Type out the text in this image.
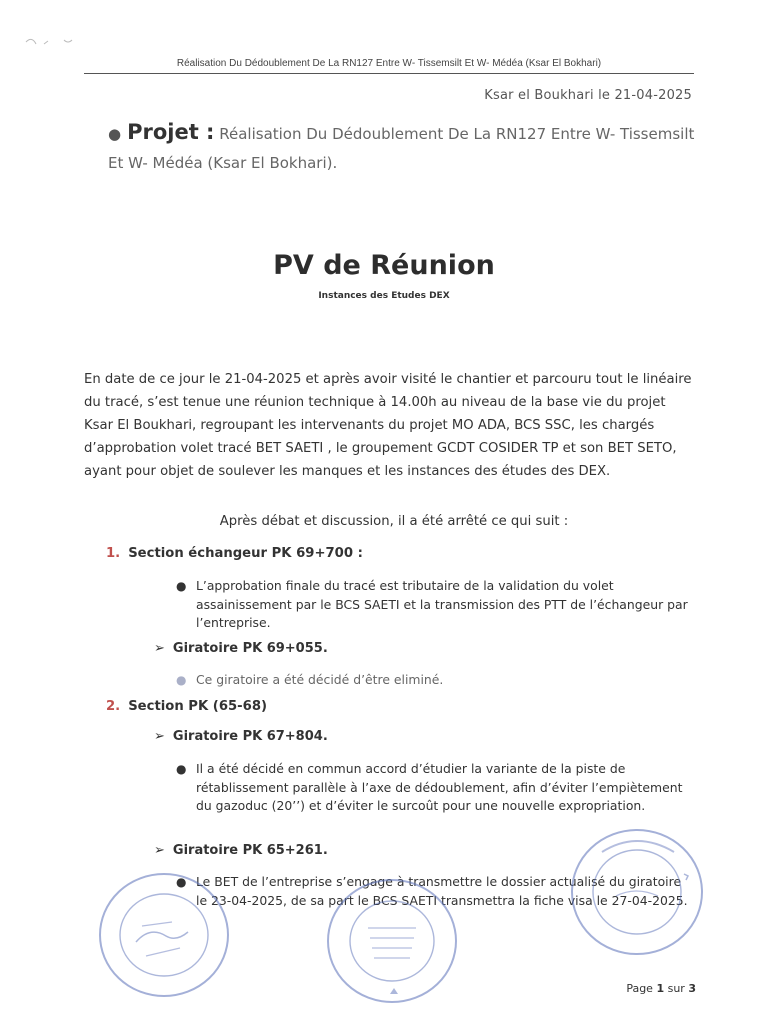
Réalisation Du Dédoublement De La RN127 Entre W- Tissemsilt Et W- Médéa (Ksar El Bokhari)
Ksar el Boukhari le 21-04-2025
● Projet : Réalisation Du Dédoublement De La RN127 Entre W- Tissemsilt Et W- Médéa (Ksar El Bokhari).
PV de Réunion
Instances des Etudes DEX
En date de ce jour le 21-04-2025 et après avoir visité le chantier et parcouru tout le linéaire du tracé, s’est tenue une réunion technique à 14.00h au niveau de la base vie du projet Ksar El Boukhari, regroupant les intervenants du projet MO ADA, BCS SSC, les chargés d’approbation volet tracé BET SAETI , le groupement GCDT COSIDER TP et son BET SETO, ayant pour objet de soulever les manques et les instances des études des DEX.
Après débat et discussion, il a été arrêté ce qui suit :
1. Section échangeur PK 69+700 :
● L’approbation finale du tracé est tributaire de la validation du volet assainissement par le BCS SAETI et la transmission des PTT de l’échangeur par l’entreprise.
➢ Giratoire PK 69+055.
● Ce giratoire a été décidé d’être eliminé.
2. Section PK (65-68)
➢ Giratoire PK 67+804.
● Il a été décidé en commun accord d’étudier la variante de la piste de rétablissement parallèle à l’axe de dédoublement, afin d’éviter l’empiètement du gazoduc (20’’) et d’éviter le surcoût pour une nouvelle expropriation.
➢ Giratoire PK 65+261.
● Le BET de l’entreprise s’engage à transmettre le dossier actualisé du giratoire le 23-04-2025, de sa part le BCS SAETI transmettra la fiche visa le 27-04-2025.
Page 1 sur 3
